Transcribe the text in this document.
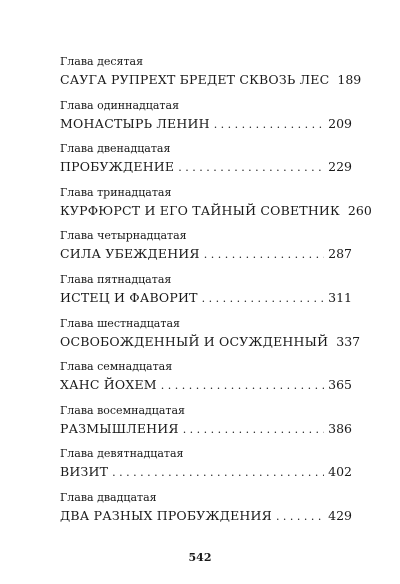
Глава десятая
САУГА РУПРЕХТ БРЕДЕТ СКВОЗЬ ЛЕС 189
Глава одиннадцатая
МОНАСТЫРЬ ЛЕНИН . . .	209
Глава двенадцатая
ПРОБУЖДЕНИЕ . . .	229
Глава тринадцатая
КУРФЮРСТ И ЕГО ТАЙНЫЙ СОВЕТНИК 260
Глава четырнадцатая
СИЛА УБЕЖДЕНИЯ . . .	287
Глава пятнадцатая
ИСТЕЦ И ФАВОРИТ . . .	311
Глава шестнадцатая
ОСВОБОЖДЕННЫЙ И ОСУЖДЕННЫЙ 337
Глава семнадцатая
ХАНС ЙОХЕМ . . .	365
Глава восемнадцатая
РАЗМЫШЛЕНИЯ . . .	386
Глава девятнадцатая
ВИЗИТ . . .	402
Глава двадцатая
ДВА РАЗНЫХ ПРОБУЖДЕНИЯ . . .	429
542
